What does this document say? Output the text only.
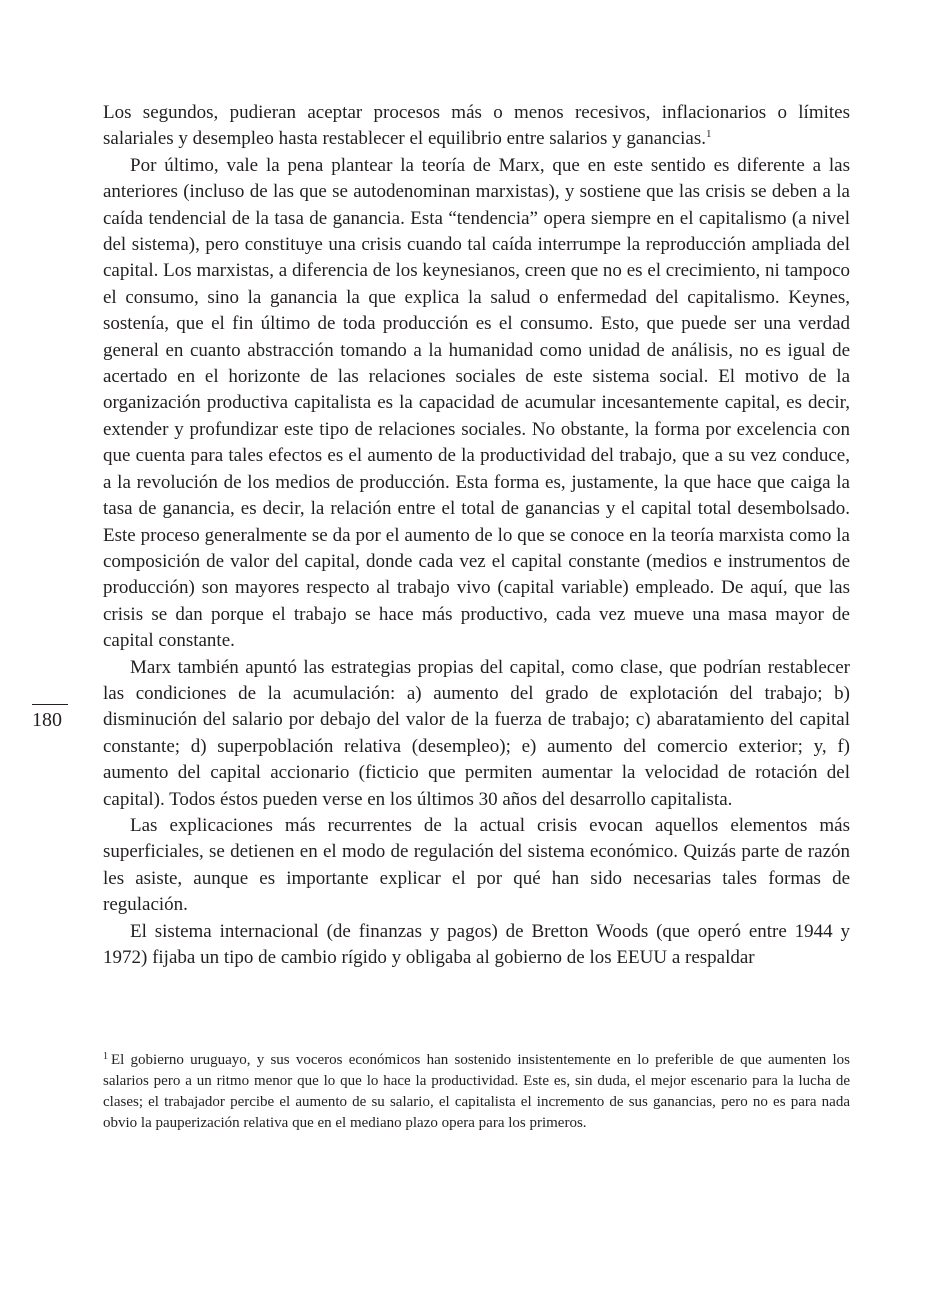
Los segundos, pudieran aceptar procesos más o menos recesivos, inflacionarios o límites salariales y desempleo hasta restablecer el equilibrio entre salarios y ganancias.$^1$

Por último, vale la pena plantear la teoría de Marx, que en este sentido es diferente a las anteriores (incluso de las que se autodenominan marxistas), y sostiene que las crisis se deben a la caída tendencial de la tasa de ganancia. Esta “tendencia” opera siempre en el capitalismo (a nivel del sistema), pero constituye una crisis cuando tal caída interrumpe la reproducción ampliada del capital. Los marxistas, a diferencia de los keynesianos, creen que no es el crecimiento, ni tampoco el consumo, sino la ganancia la que explica la salud o enfermedad del capitalismo. Keynes, sostenía, que el fin último de toda producción es el consumo. Esto, que puede ser una verdad general en cuanto abstracción tomando a la humanidad como unidad de análisis, no es igual de acertado en el horizonte de las relaciones sociales de este sistema social. El motivo de la organización productiva capitalista es la capacidad de acumular incesantemente capital, es decir, extender y profundizar este tipo de relaciones sociales. No obstante, la forma por excelencia con que cuenta para tales efectos es el aumento de la productividad del trabajo, que a su vez conduce, a la revolución de los medios de producción. Esta forma es, justamente, la que hace que caiga la tasa de ganancia, es decir, la relación entre el total de ganancias y el capital total desembolsado. Este proceso generalmente se da por el aumento de lo que se conoce en la teoría marxista como la composición de valor del capital, donde cada vez el capital constante (medios e instrumentos de producción) son mayores respecto al trabajo vivo (capital variable) empleado. De aquí, que las crisis se dan porque el trabajo se hace más productivo, cada vez mueve una masa mayor de capital constante.

Marx también apuntó las estrategias propias del capital, como clase, que podrían restablecer las condiciones de la acumulación: a) aumento del grado de explotación del trabajo; b) disminución del salario por debajo del valor de la fuerza de trabajo; c) abaratamiento del capital constante; d) superpoblación relativa (desempleo); e) aumento del comercio exterior; y, f) aumento del capital accionario (ficticio que permiten aumentar la velocidad de rotación del capital). Todos éstos pueden verse en los últimos 30 años del desarrollo capitalista.

Las explicaciones más recurrentes de la actual crisis evocan aquellos elementos más superficiales, se detienen en el modo de regulación del sistema económico. Quizás parte de razón les asiste, aunque es importante explicar el por qué han sido necesarias tales formas de regulación.

El sistema internacional (de finanzas y pagos) de Bretton Woods (que operó entre 1944 y 1972) fijaba un tipo de cambio rígido y obligaba al gobierno de los EEUU a respaldar

180

$^1$ El gobierno uruguayo, y sus voceros económicos han sostenido insistentemente en lo preferible de que aumenten los salarios pero a un ritmo menor que lo que lo hace la productividad. Este es, sin duda, el mejor escenario para la lucha de clases; el trabajador percibe el aumento de su salario, el capitalista el incremento de sus ganancias, pero no es para nada obvio la pauperización relativa que en el mediano plazo opera para los primeros.
